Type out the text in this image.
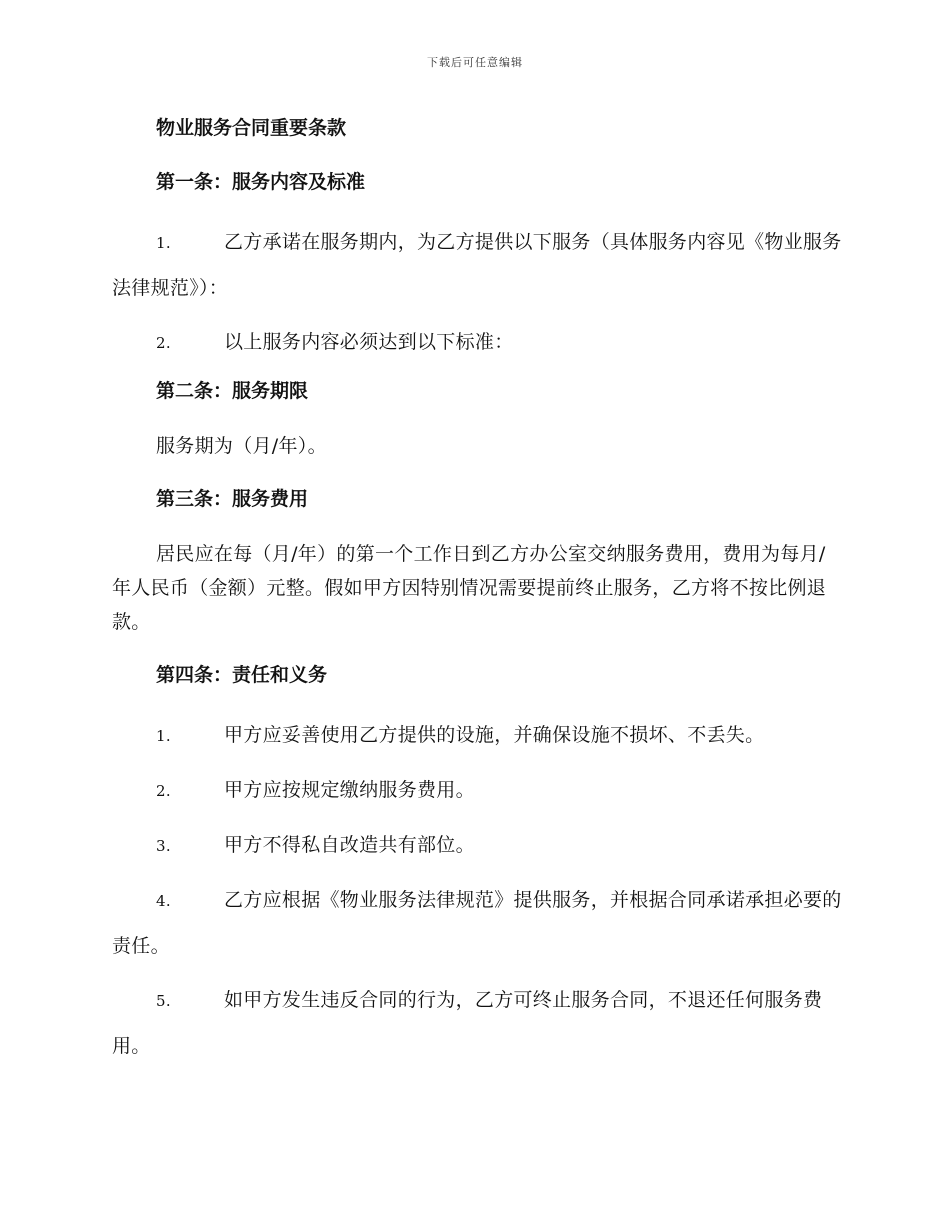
下载后可任意编辑
物业服务合同重要条款
第一条：服务内容及标准
1.	乙方承诺在服务期内，为乙方提供以下服务（具体服务内容见《物业服务法律规范》）：
2.	以上服务内容必须达到以下标准：
第二条：服务期限
服务期为（月/年）。
第三条：服务费用
居民应在每（月/年）的第一个工作日到乙方办公室交纳服务费用，费用为每月/年人民币（金额）元整。假如甲方因特别情况需要提前终止服务，乙方将不按比例退款。
第四条：责任和义务
1.	甲方应妥善使用乙方提供的设施，并确保设施不损坏、不丢失。
2.	甲方应按规定缴纳服务费用。
3.	甲方不得私自改造共有部位。
4.	乙方应根据《物业服务法律规范》提供服务，并根据合同承诺承担必要的责任。
5.	如甲方发生违反合同的行为，乙方可终止服务合同，不退还任何服务费用。
